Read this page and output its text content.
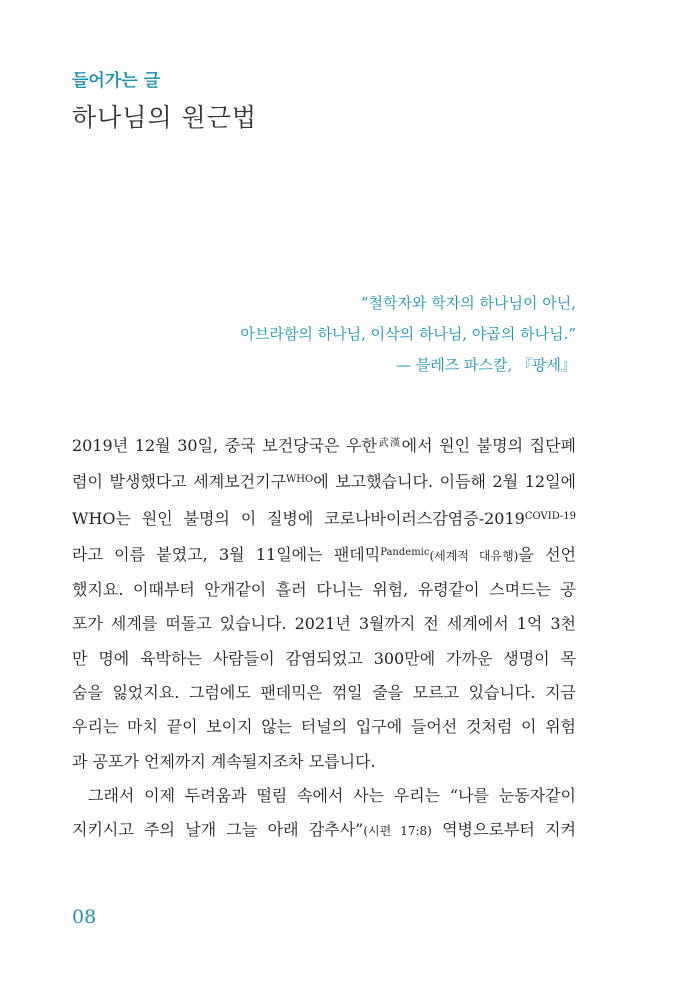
들어가는 글
하나님의 원근법
“철학자와 학자의 하나님이 아닌,
아브라함의 하나님, 이삭의 하나님, 야곱의 하나님.”
— 블레즈 파스칼, 『팡세』
2019년 12월 30일, 중국 보건당국은 우한$^{武漢}$에서 원인 불명의 집단폐
렴이 발생했다고 세계보건기구$^{WHO}$에 보고했습니다. 이듬해 2월 12일에
WHO는 원인 불명의 이 질병에 코로나바이러스감염증$-2019^{COVID-19}$
라고 이름 붙였고, 3월 11일에는 팬데믹$^{Pandemic}$(세계적 대유행)을 선언
했지요. 이때부터 안개같이 흘러 다니는 위험, 유령같이 스며드는 공
포가 세계를 떠돌고 있습니다. 2021년 3월까지 전 세계에서 1억 3천
만 명에 육박하는 사람들이 감염되었고 300만에 가까운 생명이 목
숨을 잃었지요. 그럼에도 팬데믹은 꺾일 줄을 모르고 있습니다. 지금
우리는 마치 끝이 보이지 않는 터널의 입구에 들어선 것처럼 이 위험
과 공포가 언제까지 계속될지조차 모릅니다.
그래서 이제 두려움과 떨림 속에서 사는 우리는 “나를 눈동자같이
지키시고 주의 날개 그늘 아래 감추사”(시편 17:8) 역병으로부터 지켜
08
